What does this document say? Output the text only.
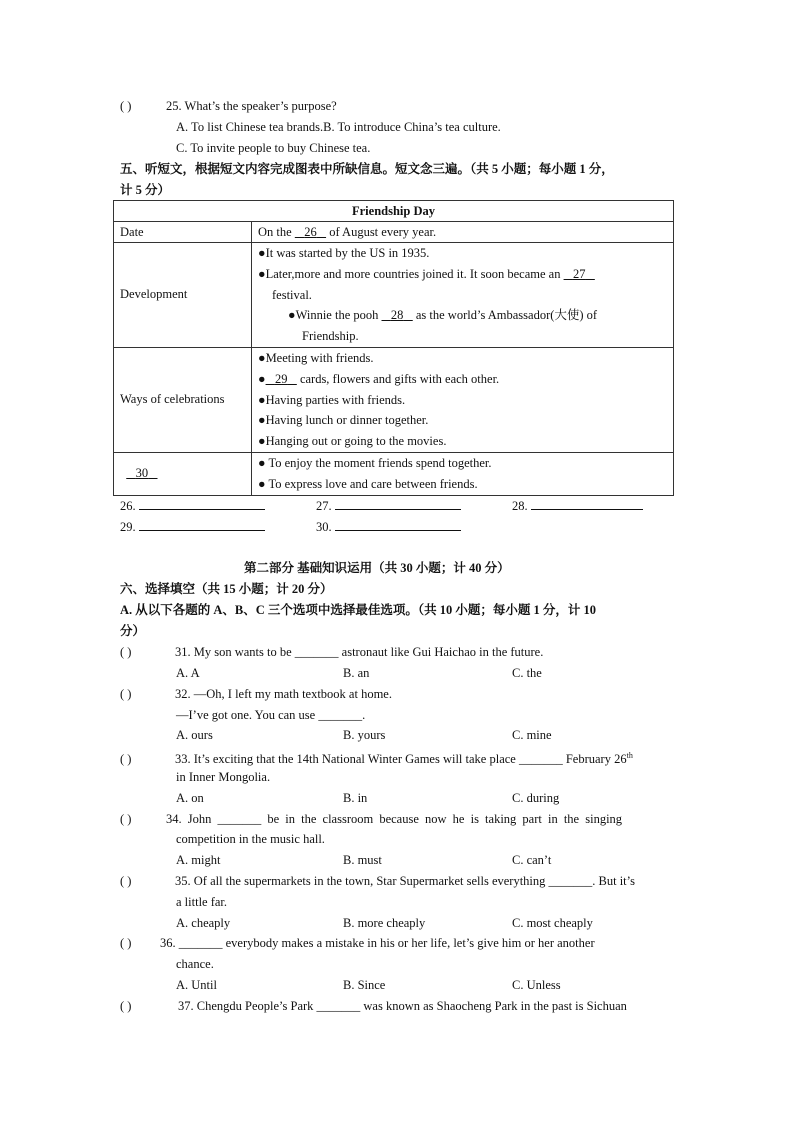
( )	25. What’s the speaker’s purpose?
A. To list Chinese tea brands.B. To introduce China’s tea culture.
C. To invite people to buy Chinese tea.
五、听短文，根据短文内容完成图表中所缺信息。短文念三遍。（共 5 小题；每小题 1 分，
计 5 分）
Friendship Day	
Date	On the    26    of August every year.
Development	●It was started by the US in 1935.
●Later,more and more countries joined it. It soon became an    27
festival.
●Winnie the pooh    28    as the world’s Ambassador(大使) of
Friendship.

Ways of celebrations	●Meeting with friends.
● 29    cards, flowers and gifts with each other.
●Having parties with friends.
●Having lunch or dinner together.
●Hanging out or going to the movies.

30	● To enjoy the moment friends spend together.
● To express love and care between friends.
26.	27.	28.
29.	30.
第二部分 基础知识运用（共 30 小题；计 40 分）
六、选择填空（共 15 小题；计 20 分）
A. 从以下各题的 A、B、C 三个选项中选择最佳选项。（共 10 小题；每小题 1 分，计 10
分）
( )	31. My son wants to be _______ astronaut like Gui Haichao in the future.
A. A	B. an	C. the
( )	32. —Oh, I left my math textbook at home.
—I’ve got one. You can use _______.
A. ours	B. yours	C. mine
( )	33. It’s exciting that the 14th National Winter Games will take place _______ February 26th
in Inner Mongolia.
A. on	B. in	C. during
( )	34. John _______ be in the classroom because now he is taking part in the singing
competition in the music hall.
A. might	B. must	C. can’t
( )	35. Of all the supermarkets in the town, Star Supermarket sells everything _______. But it’s
a little far.
A. cheaply	B. more cheaply	C. most cheaply
( ) 36. _______ everybody makes a mistake in his or her life, let’s give him or her another
chance.
A. Until	B. Since	C. Unless
( )	37. Chengdu People’s Park _______ was known as Shaocheng Park in the past is Sichuan
